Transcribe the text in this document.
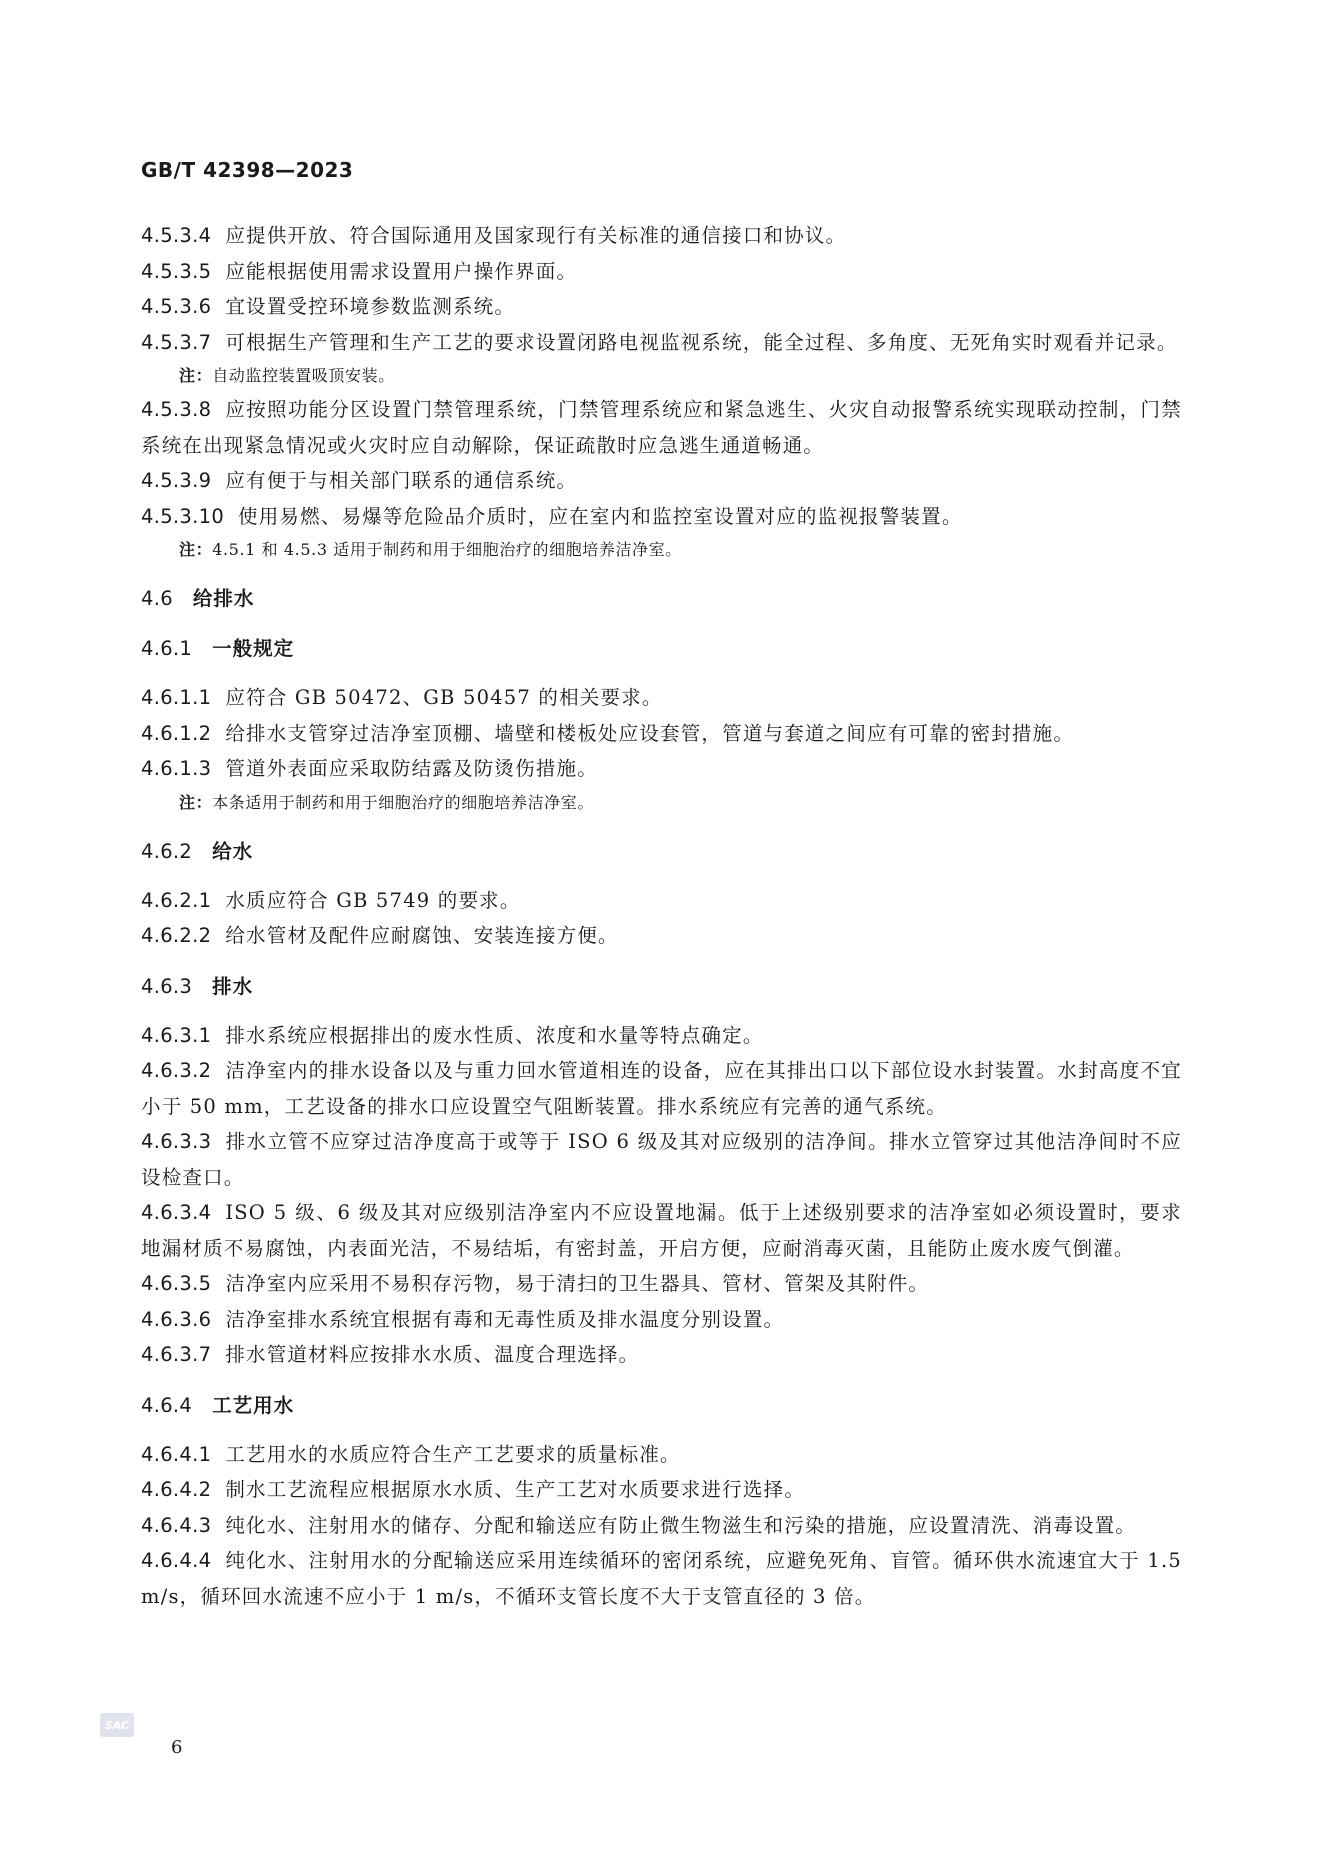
GB/T 42398—2023

4.5.3.4 应提供开放、符合国际通用及国家现行有关标准的通信接口和协议。

4.5.3.5 应能根据使用需求设置用户操作界面。

4.5.3.6 宜设置受控环境参数监测系统。

4.5.3.7 可根据生产管理和生产工艺的要求设置闭路电视监视系统，能全过程、多角度、无死角实时观看并记录。

注：自动监控装置吸顶安装。

4.5.3.8 应按照功能分区设置门禁管理系统，门禁管理系统应和紧急逃生、火灾自动报警系统实现联动控制，门禁系统在出现紧急情况或火灾时应自动解除，保证疏散时应急逃生通道畅通。

4.5.3.9 应有便于与相关部门联系的通信系统。

4.5.3.10 使用易燃、易爆等危险品介质时，应在室内和监控室设置对应的监视报警装置。

注：4.5.1 和 4.5.3 适用于制药和用于细胞治疗的细胞培养洁净室。

4.6 给排水
4.6.1 一般规定

4.6.1.1 应符合 GB 50472、GB 50457 的相关要求。

4.6.1.2 给排水支管穿过洁净室顶棚、墙壁和楼板处应设套管，管道与套道之间应有可靠的密封措施。

4.6.1.3 管道外表面应采取防结露及防烫伤措施。

注：本条适用于制药和用于细胞治疗的细胞培养洁净室。

4.6.2 给水

4.6.2.1 水质应符合 GB 5749 的要求。

4.6.2.2 给水管材及配件应耐腐蚀、安装连接方便。

4.6.3 排水

4.6.3.1 排水系统应根据排出的废水性质、浓度和水量等特点确定。

4.6.3.2 洁净室内的排水设备以及与重力回水管道相连的设备，应在其排出口以下部位设水封装置。水封高度不宜小于 50 mm，工艺设备的排水口应设置空气阻断装置。排水系统应有完善的通气系统。

4.6.3.3 排水立管不应穿过洁净度高于或等于 ISO 6 级及其对应级别的洁净间。排水立管穿过其他洁净间时不应设检查口。

4.6.3.4 ISO 5 级、6 级及其对应级别洁净室内不应设置地漏。低于上述级别要求的洁净室如必须设置时，要求地漏材质不易腐蚀，内表面光洁，不易结垢，有密封盖，开启方便，应耐消毒灭菌，且能防止废水废气倒灌。

4.6.3.5 洁净室内应采用不易积存污物，易于清扫的卫生器具、管材、管架及其附件。

4.6.3.6 洁净室排水系统宜根据有毒和无毒性质及排水温度分别设置。

4.6.3.7 排水管道材料应按排水水质、温度合理选择。

4.6.4 工艺用水

4.6.4.1 工艺用水的水质应符合生产工艺要求的质量标准。

4.6.4.2 制水工艺流程应根据原水水质、生产工艺对水质要求进行选择。

4.6.4.3 纯化水、注射用水的储存、分配和输送应有防止微生物滋生和污染的措施，应设置清洗、消毒设置。

4.6.4.4 纯化水、注射用水的分配输送应采用连续循环的密闭系统，应避免死角、盲管。循环供水流速宜大于 1.5 m/s，循环回水流速不应小于 1 m/s，不循环支管长度不大于支管直径的 3 倍。

SAC
6
